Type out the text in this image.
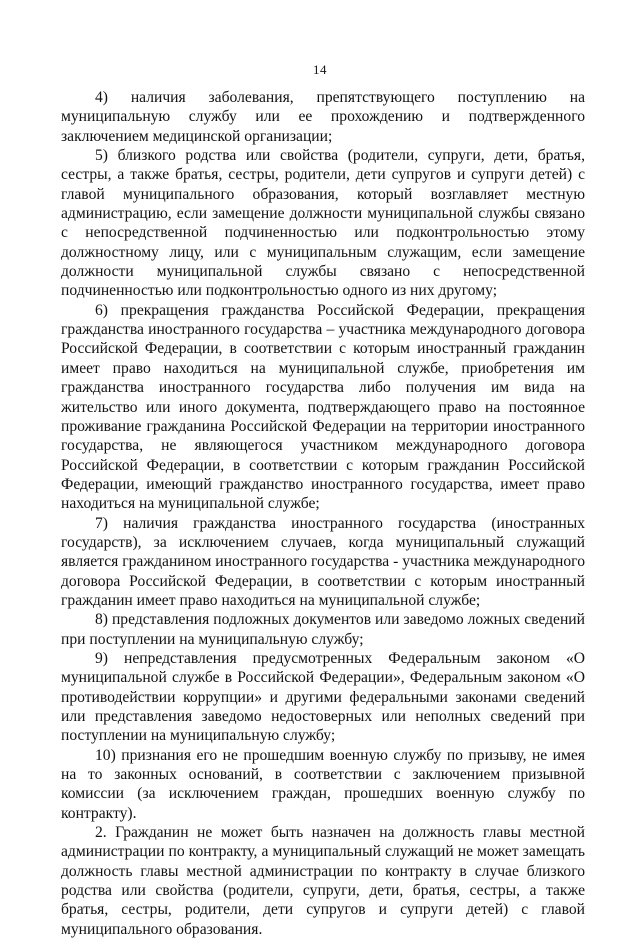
14

4) наличия заболевания, препятствующего поступлению на муниципальную службу или ее прохождению и подтвержденного заключением медицинской организации;

5) близкого родства или свойства (родители, супруги, дети, братья, сестры, а также братья, сестры, родители, дети супругов и супруги детей) с главой муниципального образования, который возглавляет местную администрацию, если замещение должности муниципальной службы связано с непосредственной подчиненностью или подконтрольностью этому должностному лицу, или с муниципальным служащим, если замещение должности муниципальной службы связано с непосредственной подчиненностью или подконтрольностью одного из них другому;

6) прекращения гражданства Российской Федерации, прекращения гражданства иностранного государства – участника международного договора Российской Федерации, в соответствии с которым иностранный гражданин имеет право находиться на муниципальной службе, приобретения им гражданства иностранного государства либо получения им вида на жительство или иного документа, подтверждающего право на постоянное проживание гражданина Российской Федерации на территории иностранного государства, не являющегося участником международного договора Российской Федерации, в соответствии с которым гражданин Российской Федерации, имеющий гражданство иностранного государства, имеет право находиться на муниципальной службе;

7) наличия гражданства иностранного государства (иностранных государств), за исключением случаев, когда муниципальный служащий является гражданином иностранного государства - участника международного договора Российской Федерации, в соответствии с которым иностранный гражданин имеет право находиться на муниципальной службе;

8) представления подложных документов или заведомо ложных сведений при поступлении на муниципальную службу;

9) непредставления предусмотренных Федеральным законом «О муниципальной службе в Российской Федерации», Федеральным законом «О противодействии коррупции» и другими федеральными законами сведений или представления заведомо недостоверных или неполных сведений при поступлении на муниципальную службу;

10) признания его не прошедшим военную службу по призыву, не имея на то законных оснований, в соответствии с заключением призывной комиссии (за исключением граждан, прошедших военную службу по контракту).

2. Гражданин не может быть назначен на должность главы местной администрации по контракту, а муниципальный служащий не может замещать должность главы местной администрации по контракту в случае близкого родства или свойства (родители, супруги, дети, братья, сестры, а также братья, сестры, родители, дети супругов и супруги детей) с главой муниципального образования.
